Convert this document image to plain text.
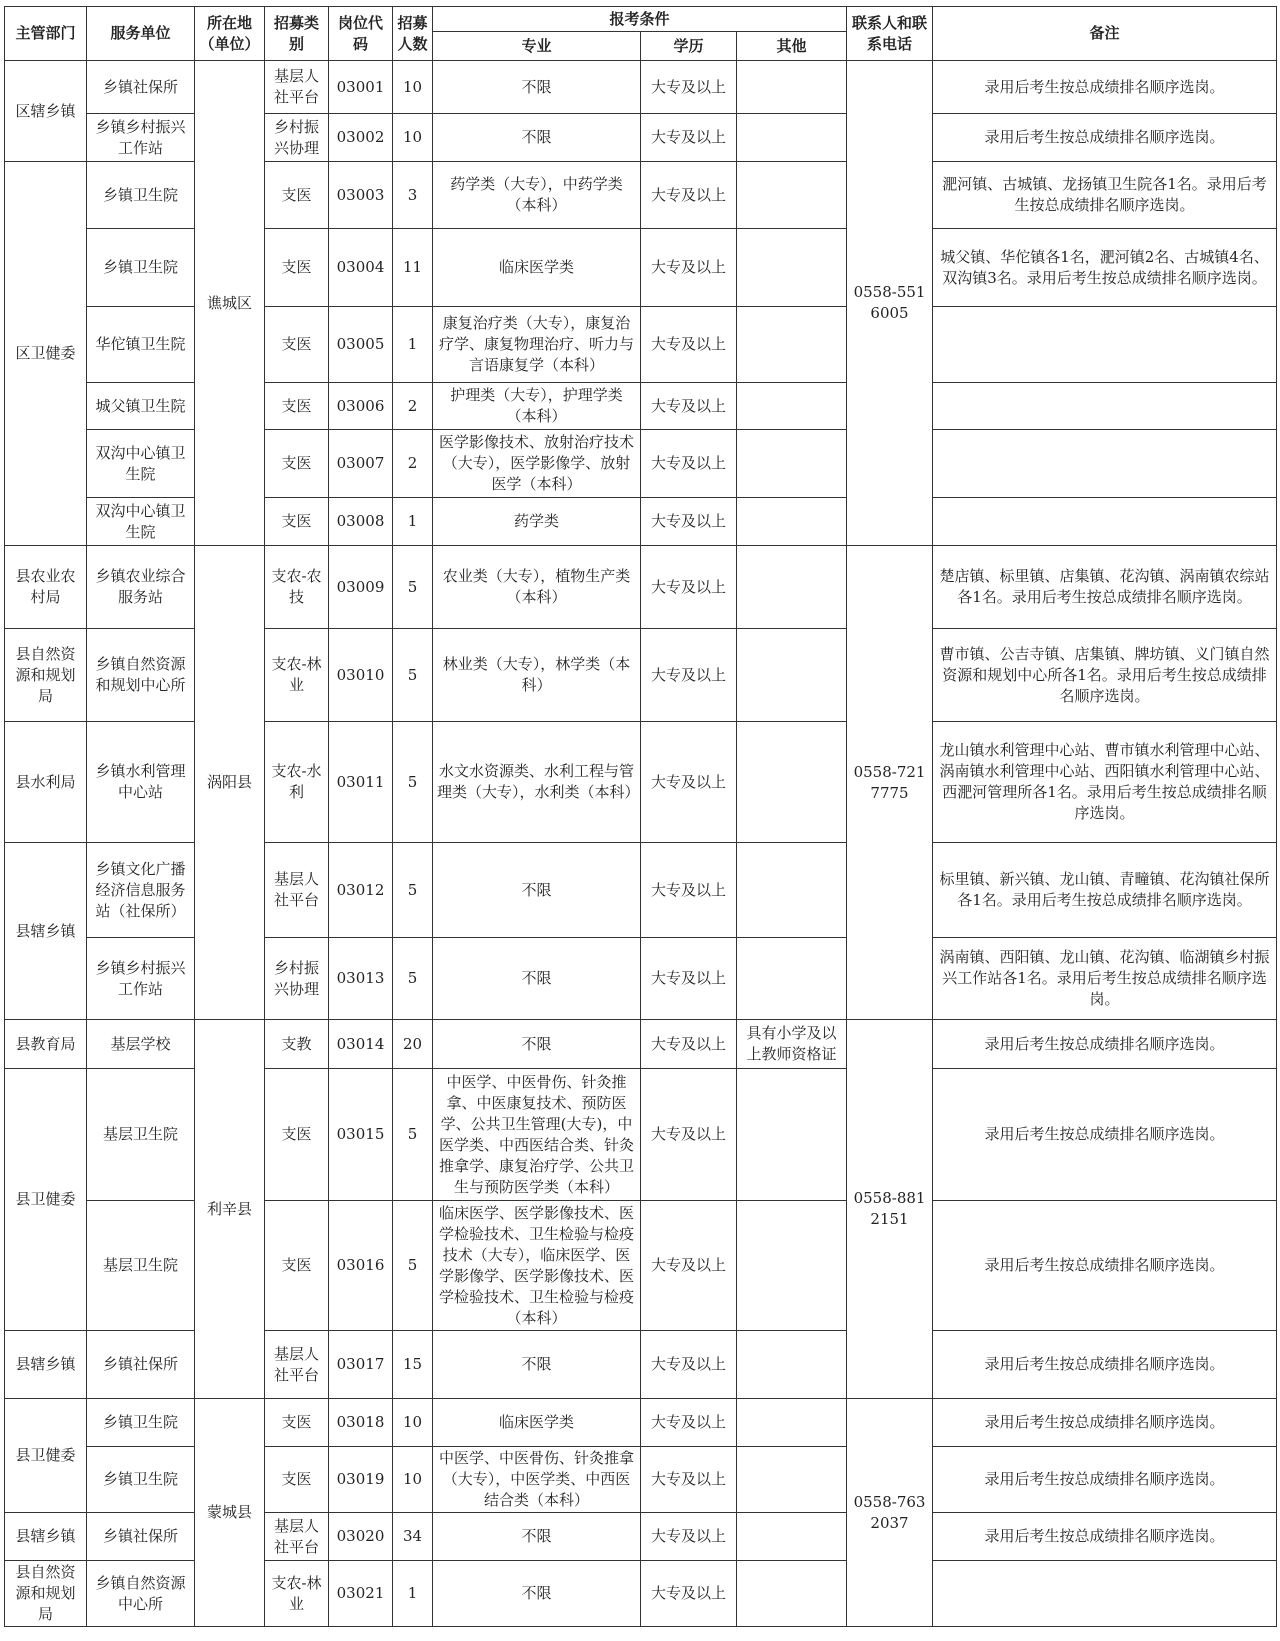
主管部门	服务单位	所在地（单位）	招募类别	岗位代码	招募人数	报考条件			联系人和联系电话	备注
						专业	学历	其他		
区辖乡镇	乡镇社保所	谯城区	基层人社平台	03001	10	不限	大专及以上		0558-5516005	录用后考生按总成绩排名顺序选岗。
	乡镇乡村振兴工作站		乡村振兴协理	03002	10	不限	大专及以上			录用后考生按总成绩排名顺序选岗。
区卫健委	乡镇卫生院		支医	03003	3	药学类（大专），中药学类（本科）	大专及以上			淝河镇、古城镇、龙扬镇卫生院各1名。录用后考生按总成绩排名顺序选岗。
	乡镇卫生院		支医	03004	11	临床医学类	大专及以上			城父镇、华佗镇各1名，淝河镇2名、古城镇4名、双沟镇3名。录用后考生按总成绩排名顺序选岗。
	华佗镇卫生院		支医	03005	1	康复治疗类（大专），康复治疗学、康复物理治疗、听力与言语康复学（本科）	大专及以上			
	城父镇卫生院		支医	03006	2	护理类（大专），护理学类（本科）	大专及以上			
	双沟中心镇卫生院		支医	03007	2	医学影像技术、放射治疗技术（大专），医学影像学、放射医学（本科）	大专及以上			
	双沟中心镇卫生院		支医	03008	1	药学类	大专及以上			
县农业农村局	乡镇农业综合服务站	涡阳县	支农-农技	03009	5	农业类（大专），植物生产类（本科）	大专及以上		0558-7217775	楚店镇、标里镇、店集镇、花沟镇、涡南镇农综站各1名。录用后考生按总成绩排名顺序选岗。
县自然资源和规划局	乡镇自然资源和规划中心所		支农-林业	03010	5	林业类（大专），林学类（本科）	大专及以上			曹市镇、公吉寺镇、店集镇、牌坊镇、义门镇自然资源和规划中心所各1名。录用后考生按总成绩排名顺序选岗。
县水利局	乡镇水利管理中心站		支农-水利	03011	5	水文水资源类、水利工程与管理类（大专），水利类（本科）	大专及以上			龙山镇水利管理中心站、曹市镇水利管理中心站、涡南镇水利管理中心站、西阳镇水利管理中心站、西淝河管理所各1名。录用后考生按总成绩排名顺序选岗。
县辖乡镇	乡镇文化广播经济信息服务站（社保所）		基层人社平台	03012	5	不限	大专及以上			标里镇、新兴镇、龙山镇、青疃镇、花沟镇社保所各1名。录用后考生按总成绩排名顺序选岗。
	乡镇乡村振兴工作站		乡村振兴协理	03013	5	不限	大专及以上			涡南镇、西阳镇、龙山镇、花沟镇、临湖镇乡村振兴工作站各1名。录用后考生按总成绩排名顺序选岗。
县教育局	基层学校	利辛县	支教	03014	20	不限	大专及以上	具有小学及以上教师资格证	0558-8812151	录用后考生按总成绩排名顺序选岗。
县卫健委	基层卫生院		支医	03015	5	中医学、中医骨伤、针灸推拿、中医康复技术、预防医学、公共卫生管理(大专)，中医学类、中西医结合类、针灸推拿学、康复治疗学、公共卫生与预防医学类（本科）	大专及以上			录用后考生按总成绩排名顺序选岗。
	基层卫生院		支医	03016	5	临床医学、医学影像技术、医学检验技术、卫生检验与检疫技术（大专），临床医学、医学影像学、医学影像技术、医学检验技术、卫生检验与检疫（本科）	大专及以上			录用后考生按总成绩排名顺序选岗。
县辖乡镇	乡镇社保所		基层人社平台	03017	15	不限	大专及以上			录用后考生按总成绩排名顺序选岗。
县卫健委	乡镇卫生院	蒙城县	支医	03018	10	临床医学类	大专及以上		0558-7632037	录用后考生按总成绩排名顺序选岗。
	乡镇卫生院		支医	03019	10	中医学、中医骨伤、针灸推拿（大专），中医学类、中西医结合类（本科）	大专及以上			录用后考生按总成绩排名顺序选岗。
县辖乡镇	乡镇社保所		基层人社平台	03020	34	不限	大专及以上			录用后考生按总成绩排名顺序选岗。
县自然资源和规划局	乡镇自然资源中心所		支农-林业	03021	1	不限	大专及以上			
